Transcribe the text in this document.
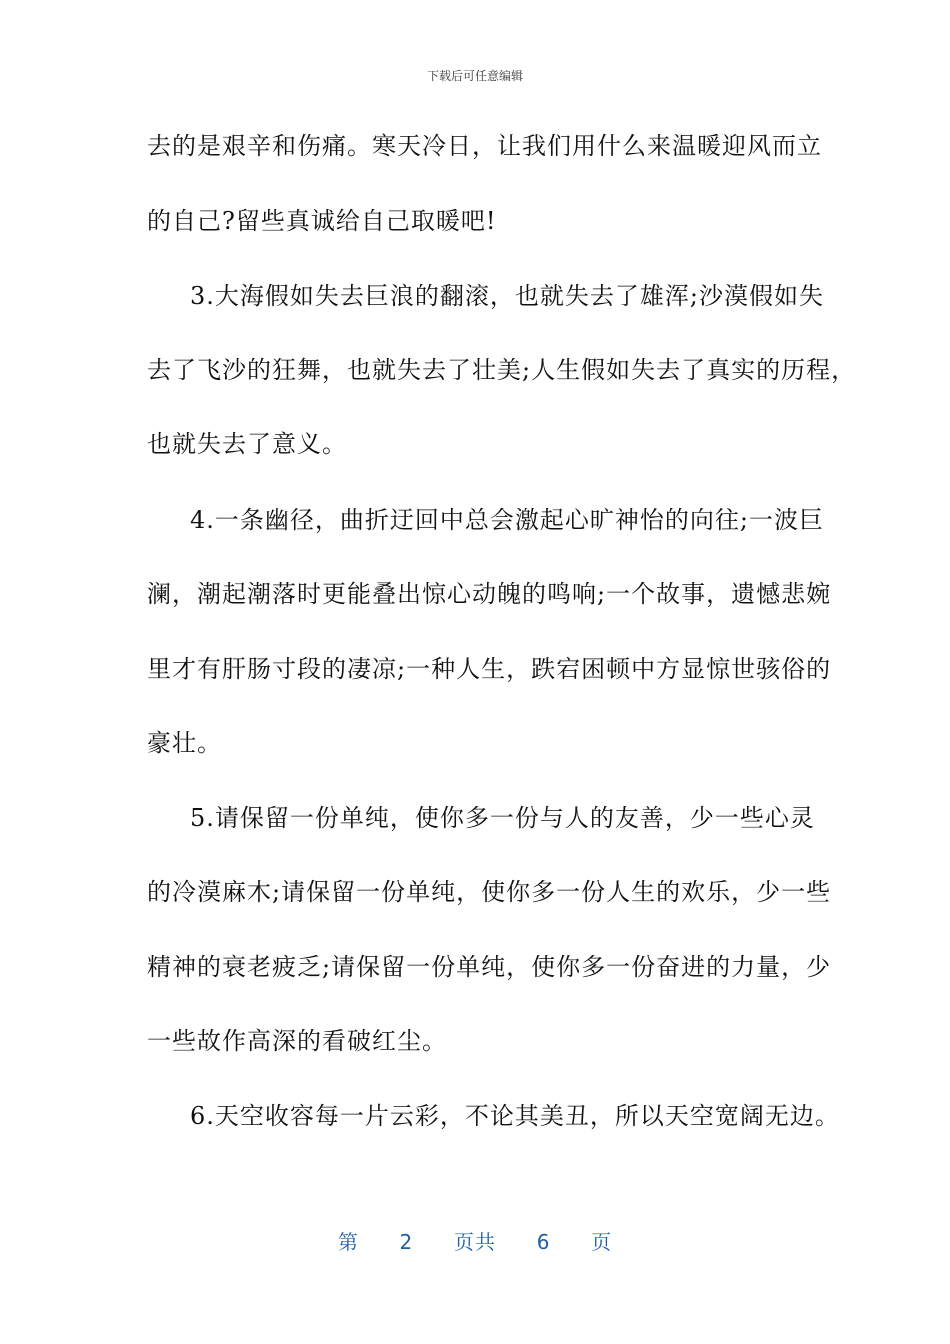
下载后可任意编辑
去的是艰辛和伤痛。寒天冷日，让我们用什么来温暖迎风而立
的自己?留些真诚给自己取暖吧!
3.大海假如失去巨浪的翻滚，也就失去了雄浑;沙漠假如失
去了飞沙的狂舞，也就失去了壮美;人生假如失去了真实的历程，
也就失去了意义。
4.一条幽径，曲折迂回中总会激起心旷神怡的向往;一波巨
澜，潮起潮落时更能叠出惊心动魄的鸣响;一个故事，遗憾悲婉
里才有肝肠寸段的凄凉;一种人生，跌宕困顿中方显惊世骇俗的
豪壮。
5.请保留一份单纯，使你多一份与人的友善，少一些心灵
的冷漠麻木;请保留一份单纯，使你多一份人生的欢乐，少一些
精神的衰老疲乏;请保留一份单纯，使你多一份奋进的力量，少
一些故作高深的看破红尘。
6.天空收容每一片云彩，不论其美丑，所以天空宽阔无边。
第 2 页共 6 页
